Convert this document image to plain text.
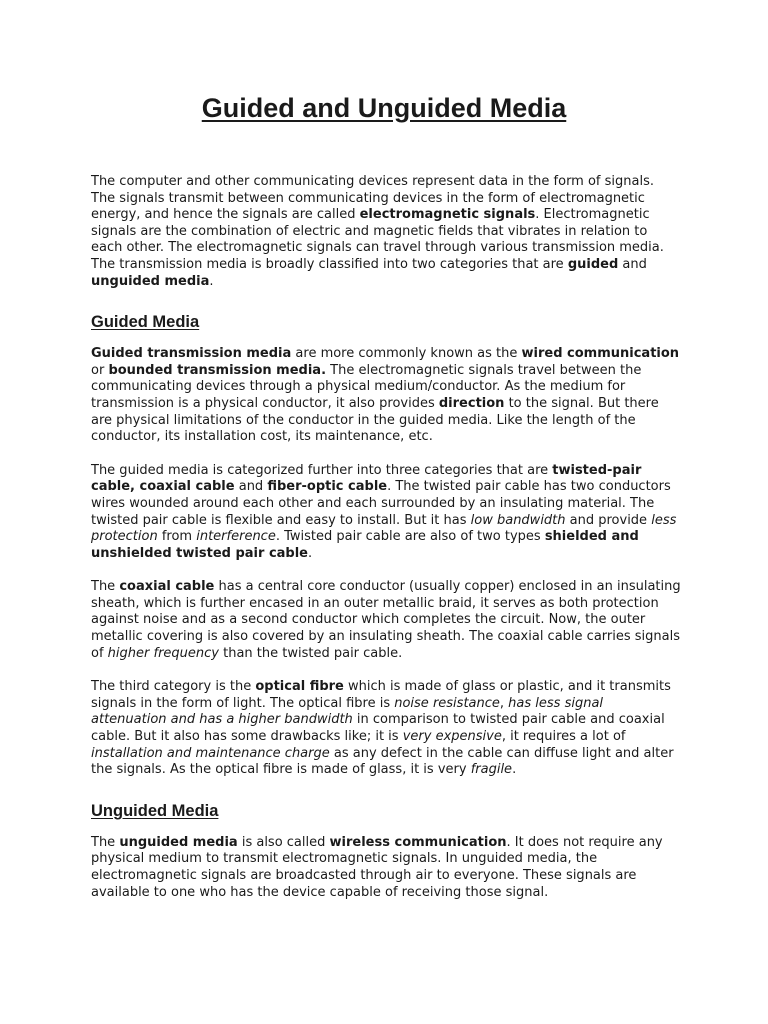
Guided and Unguided Media

The computer and other communicating devices represent data in the form of signals. The signals transmit between communicating devices in the form of electromagnetic energy, and hence the signals are called electromagnetic signals. Electromagnetic signals are the combination of electric and magnetic fields that vibrates in relation to each other. The electromagnetic signals can travel through various transmission media. The transmission media is broadly classified into two categories that are guided and unguided media.

Guided Media

Guided transmission media are more commonly known as the wired communication or bounded transmission media. The electromagnetic signals travel between the communicating devices through a physical medium/conductor. As the medium for transmission is a physical conductor, it also provides direction to the signal. But there are physical limitations of the conductor in the guided media. Like the length of the conductor, its installation cost, its maintenance, etc.

The guided media is categorized further into three categories that are twisted-pair cable, coaxial cable and fiber-optic cable. The twisted pair cable has two conductors wires wounded around each other and each surrounded by an insulating material. The twisted pair cable is flexible and easy to install. But it has low bandwidth and provide less protection from interference. Twisted pair cable are also of two types shielded and unshielded twisted pair cable.

The coaxial cable has a central core conductor (usually copper) enclosed in an insulating sheath, which is further encased in an outer metallic braid, it serves as both protection against noise and as a second conductor which completes the circuit. Now, the outer metallic covering is also covered by an insulating sheath. The coaxial cable carries signals of higher frequency than the twisted pair cable.

The third category is the optical fibre which is made of glass or plastic, and it transmits signals in the form of light. The optical fibre is noise resistance, has less signal attenuation and has a higher bandwidth in comparison to twisted pair cable and coaxial cable. But it also has some drawbacks like; it is very expensive, it requires a lot of installation and maintenance charge as any defect in the cable can diffuse light and alter the signals. As the optical fibre is made of glass, it is very fragile.

Unguided Media

The unguided media is also called wireless communication. It does not require any physical medium to transmit electromagnetic signals. In unguided media, the electromagnetic signals are broadcasted through air to everyone. These signals are available to one who has the device capable of receiving those signal.
